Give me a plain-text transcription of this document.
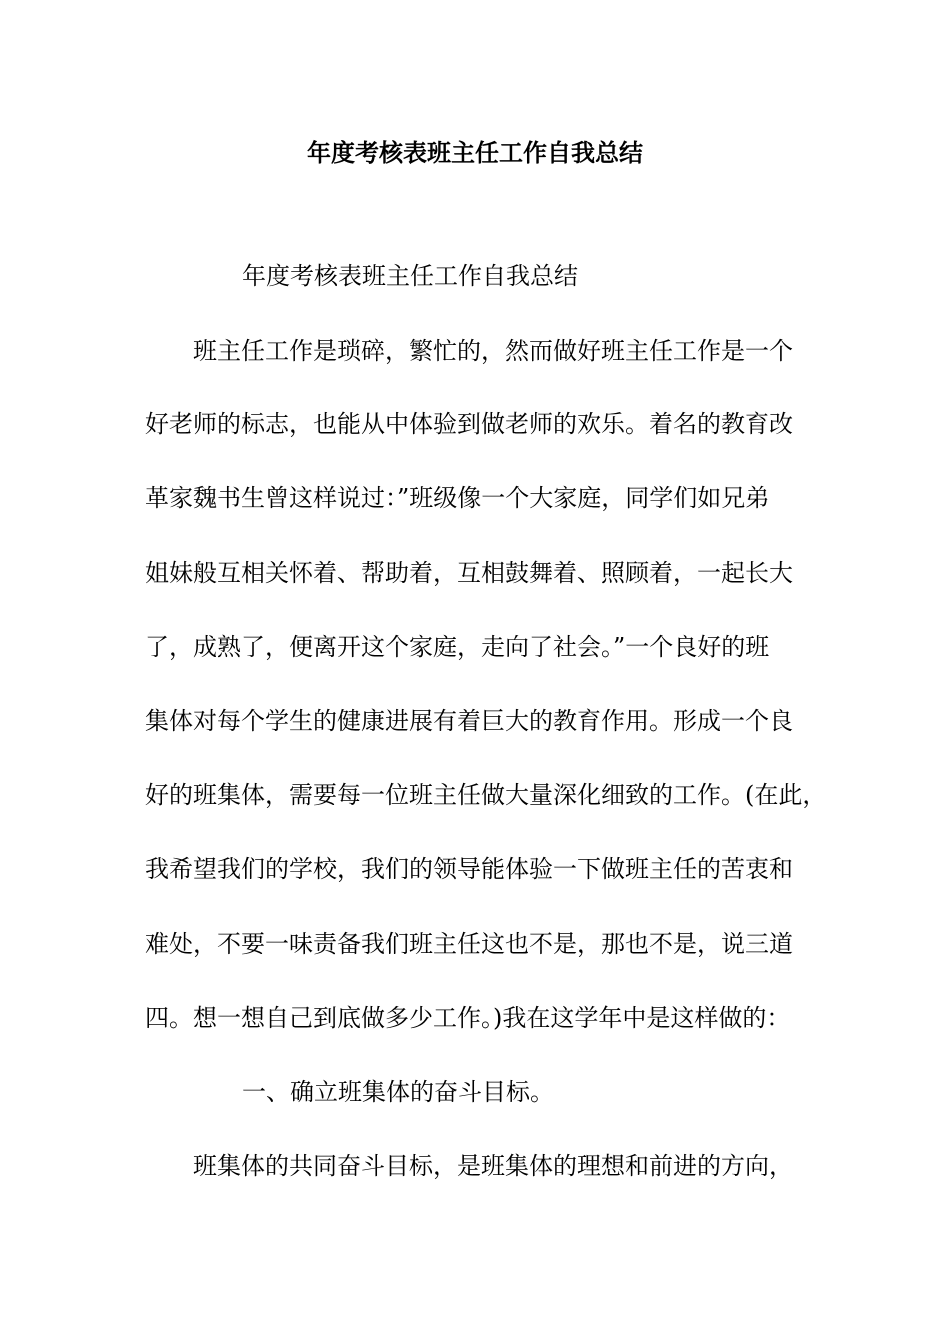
年度考核表班主任工作自我总结

年度考核表班主任工作自我总结

班主任工作是琐碎，繁忙的，然而做好班主任工作是一个

好老师的标志，也能从中体验到做老师的欢乐。着名的教育改

革家魏书生曾这样说过：”班级像一个大家庭，同学们如兄弟

姐妹般互相关怀着、帮助着，互相鼓舞着、照顾着，一起长大

了，成熟了，便离开这个家庭，走向了社会。”一个良好的班

集体对每个学生的健康进展有着巨大的教育作用。形成一个良

好的班集体，需要每一位班主任做大量深化细致的工作。(在此，

我希望我们的学校，我们的领导能体验一下做班主任的苦衷和

难处，不要一味责备我们班主任这也不是，那也不是，说三道

四。想一想自己到底做多少工作。)我在这学年中是这样做的：

一、确立班集体的奋斗目标。

班集体的共同奋斗目标，是班集体的理想和前进的方向，
